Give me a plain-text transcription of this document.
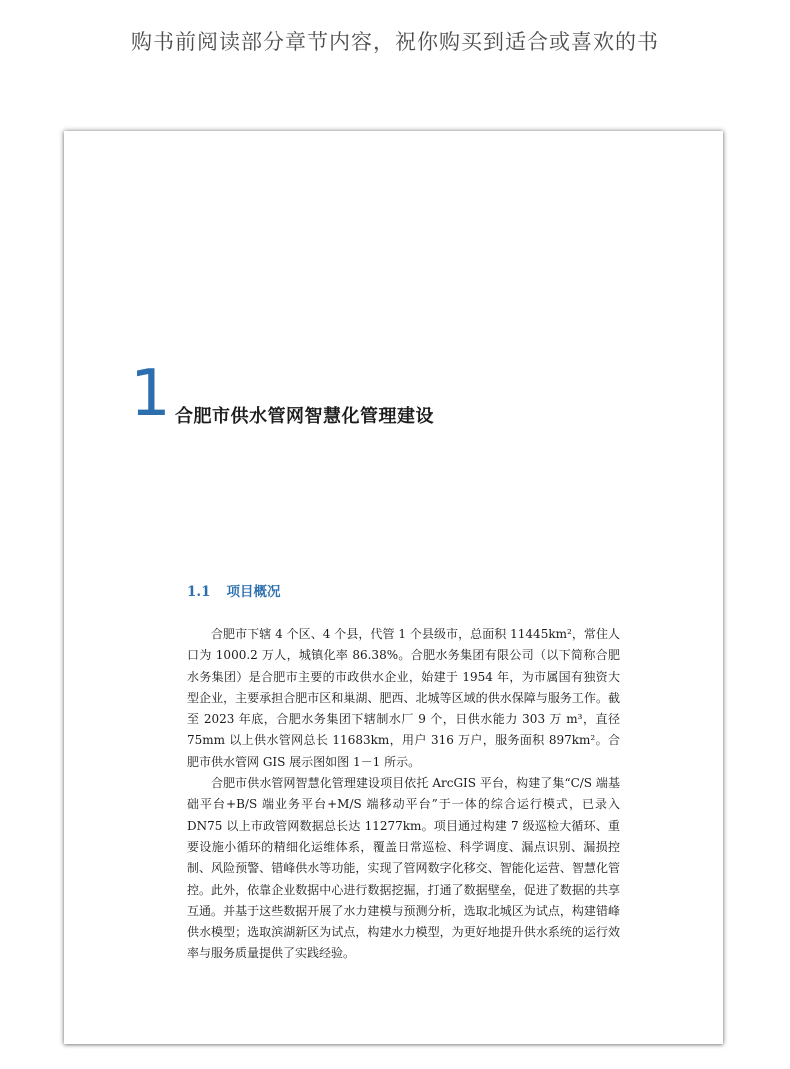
购书前阅读部分章节内容，祝你购买到适合或喜欢的书
1 合肥市供水管网智慧化管理建设
1.1 项目概况

合肥市下辖 4 个区、4 个县，代管 1 个县级市，总面积 11445km²，常住人口为 1000.2 万人，城镇化率 86.38%。合肥水务集团有限公司（以下简称合肥水务集团）是合肥市主要的市政供水企业，始建于 1954 年，为市属国有独资大型企业，主要承担合肥市区和巢湖、肥西、北城等区域的供水保障与服务工作。截至 2023 年底，合肥水务集团下辖制水厂 9 个，日供水能力 303 万 m³，直径 75mm 以上供水管网总长 11683km，用户 316 万户，服务面积 897km²。合肥市供水管网 GIS 展示图如图 1－1 所示。

合肥市供水管网智慧化管理建设项目依托 ArcGIS 平台，构建了集“C/S 端基础平台+B/S 端业务平台+M/S 端移动平台”于一体的综合运行模式，已录入 DN75 以上市政管网数据总长达 11277km。项目通过构建 7 级巡检大循环、重要设施小循环的精细化运维体系，覆盖日常巡检、科学调度、漏点识别、漏损控制、风险预警、错峰供水等功能，实现了管网数字化移交、智能化运营、智慧化管控。此外，依靠企业数据中心进行数据挖掘，打通了数据壁垒，促进了数据的共享互通。并基于这些数据开展了水力建模与预测分析，选取北城区为试点，构建错峰供水模型；选取滨湖新区为试点，构建水力模型，为更好地提升供水系统的运行效率与服务质量提供了实践经验。
